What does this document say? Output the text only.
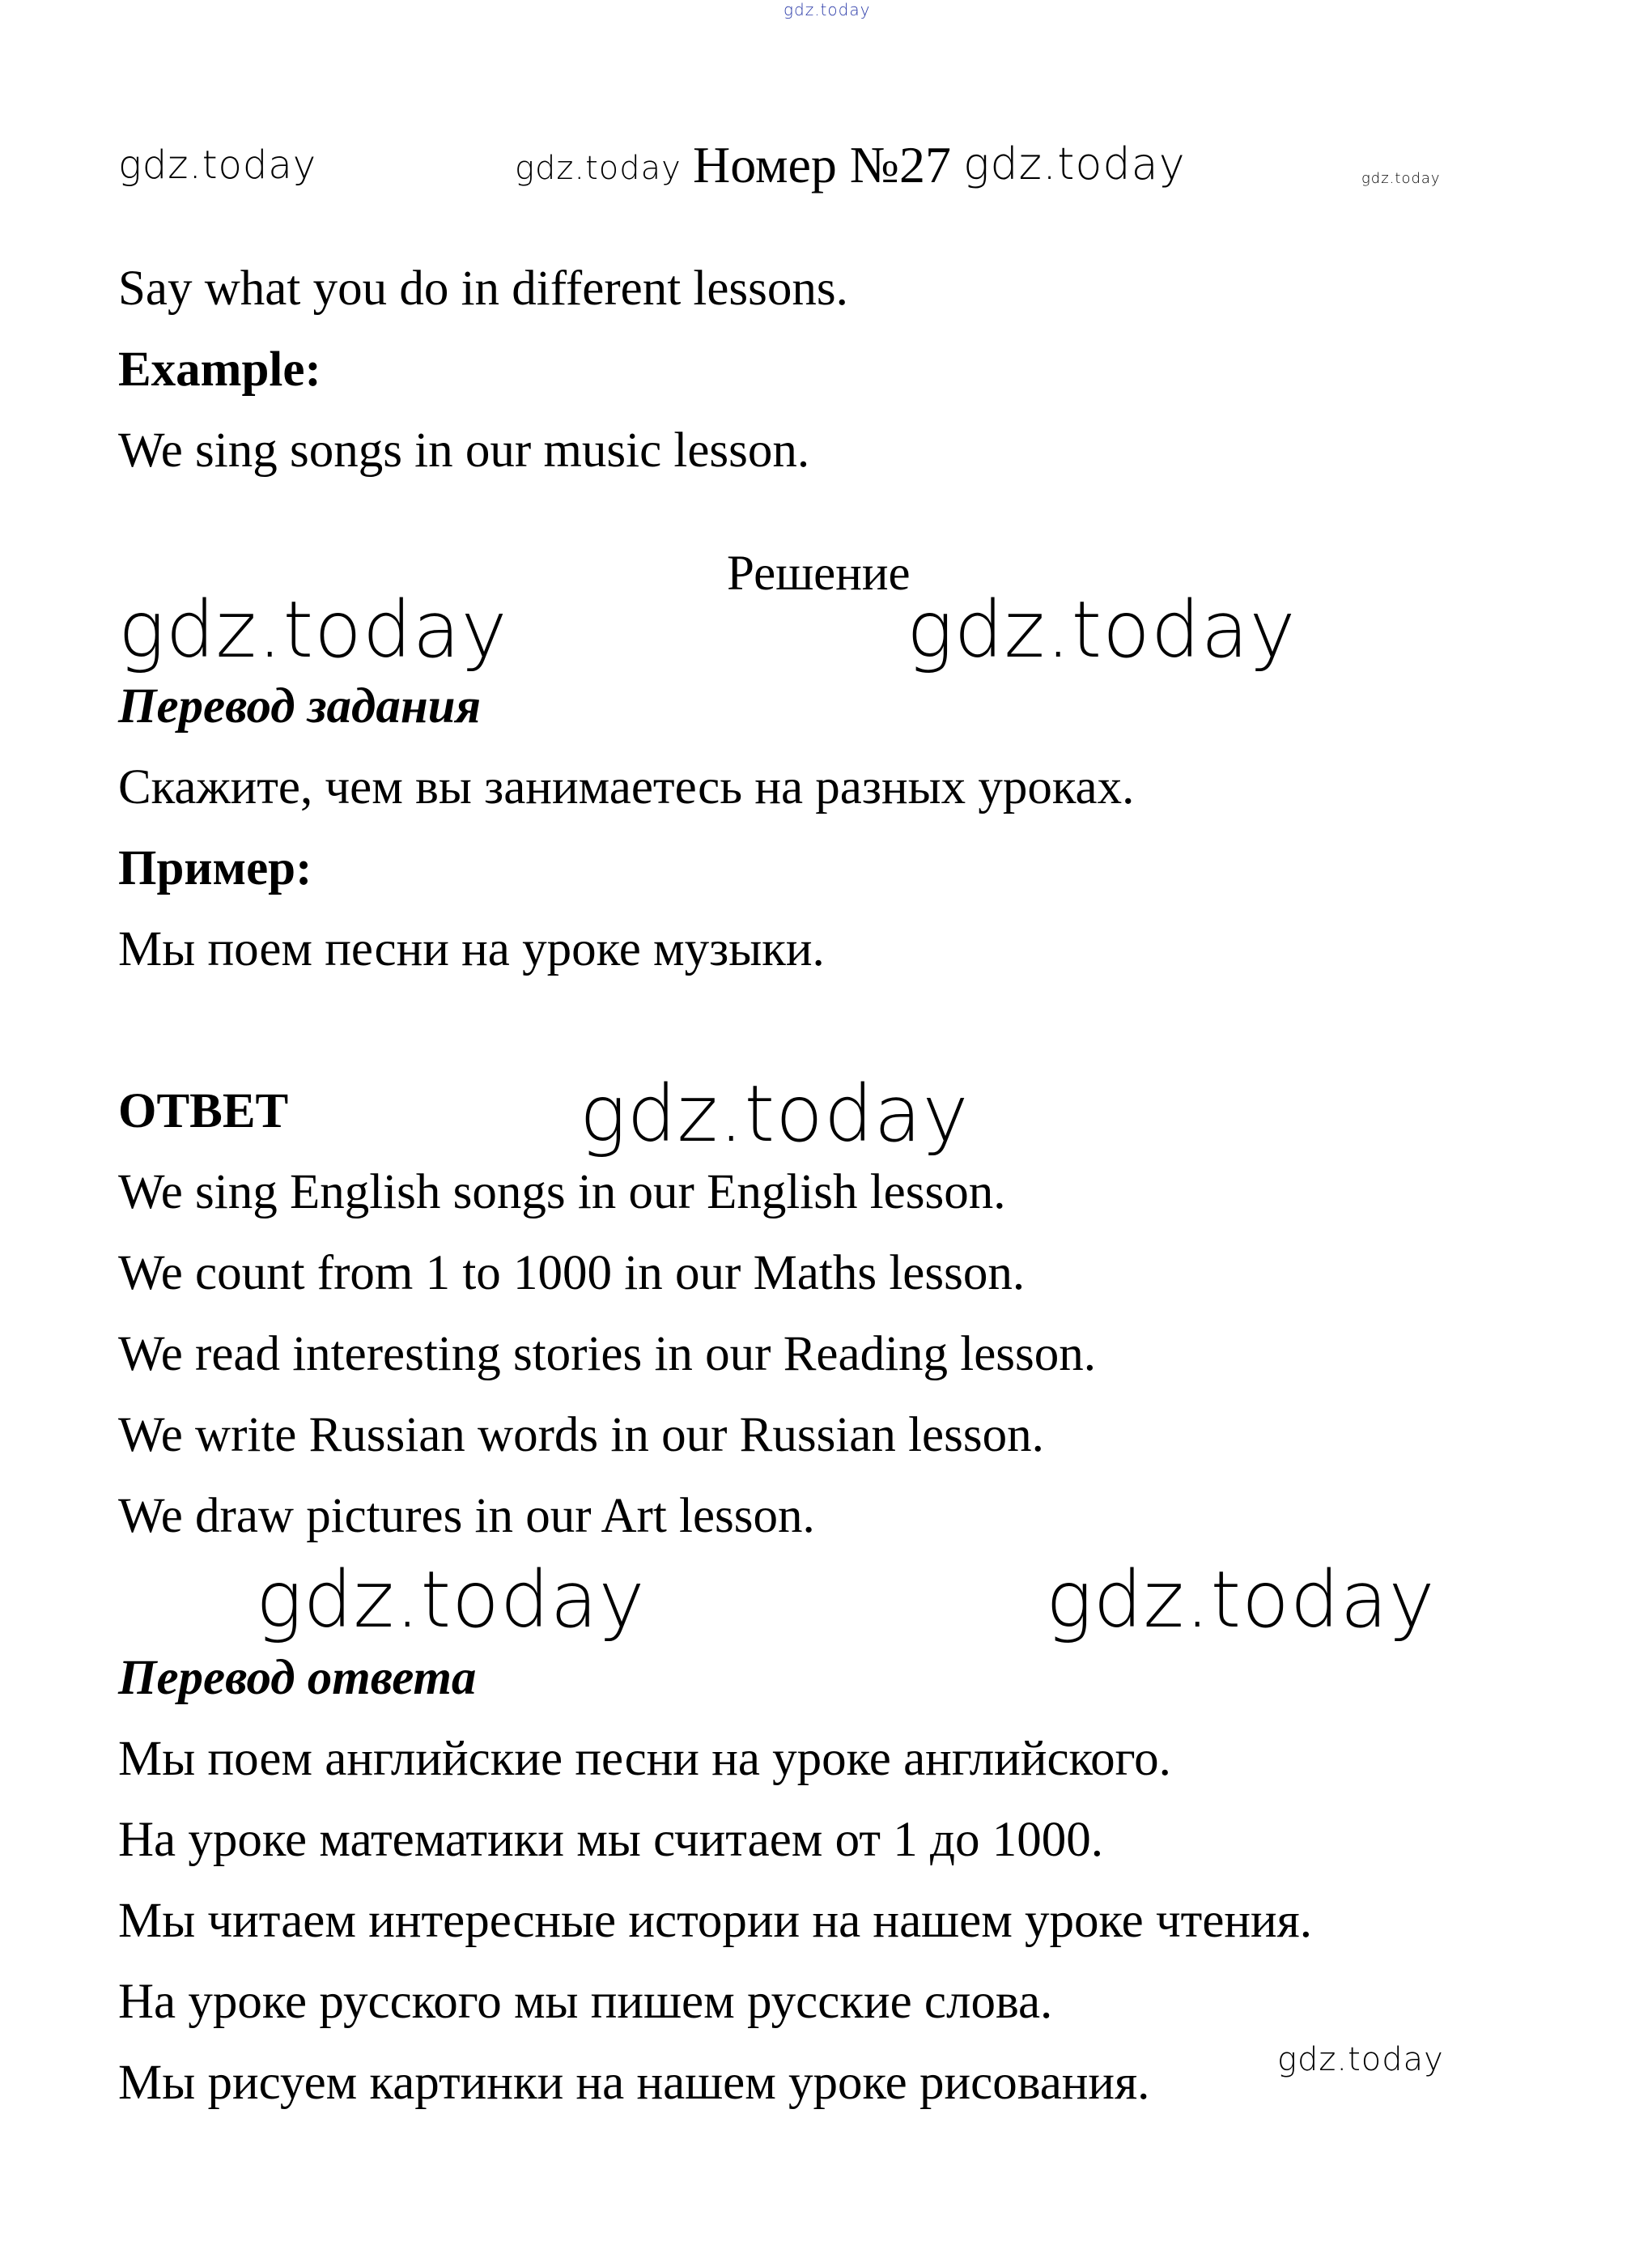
gdz.today
gdz.today	gdz.today	gdz.today	gdz.today
gdz.today	gdz.today
gdz.today
gdz.today	gdz.today
gdz.today
Номер №27
Say what you do in different lessons.
Example:
We sing songs in our music lesson.
Решение
Перевод задания
Скажите, чем вы занимаетесь на разных уроках.
Пример:
Мы поем песни на уроке музыки.
ОТВЕТ
We sing English songs in our English lesson.
We count from 1 to 1000 in our Maths lesson.
We read interesting stories in our Reading lesson.
We write Russian words in our Russian lesson.
We draw pictures in our Art lesson.
Перевод ответа
Мы поем английские песни на уроке английского.
На уроке математики мы считаем от 1 до 1000.
Мы читаем интересные истории на нашем уроке чтения.
На уроке русского мы пишем русские слова.
Мы рисуем картинки на нашем уроке рисования.
